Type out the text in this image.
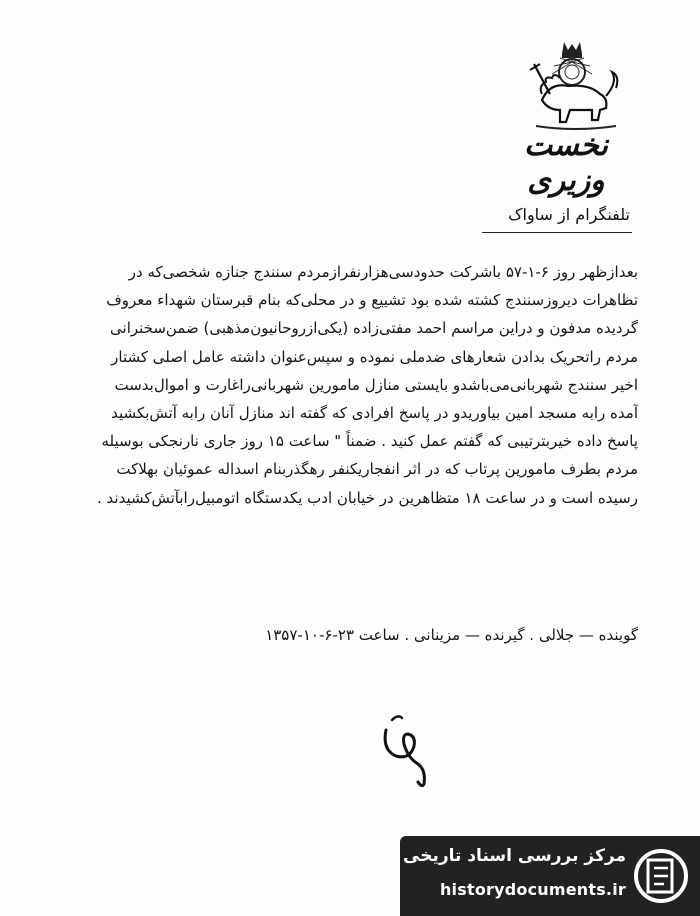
نخست وزیری
تلفنگرام از ساواک
بعدازظهر روز ۶-۱-۵۷ باشرکت حدودسی‌هزارنفرازمردم سنندج جنازه شخصی‌که در
تظاهرات دیروزسنندج کشته شده بود تشییع و در محلی‌که بنام قبرستان شهداء معروف
گردیده مدفون و دراین مراسم احمد مفتی‌زاده (یکی‌ازروحانیون‌مذهبی) ضمن‌سخنرانی
مردم راتحریک بدادن شعارهای ضدملی نموده و سپس‌عنوان داشته عامل اصلی کشتار
اخیر سنندج شهربانی‌می‌باشدو بایستی منازل مامورین شهربانی‌راغارت و اموال‌بدست
آمده رابه مسجد امین بیاوریدو در پاسخ افرادی که گفته اند منازل آنان رابه آتش‌بکشید
پاسخ داده خیربترتیبی که گفتم عمل کنید . ضمناً " ساعت ۱۵ روز جاری نارنجکی بوسیله
مردم بطرف مامورین پرتاب که در اثر انفجاریکنفر رهگذربنام اسداله عموئیان بهلاکت
رسیده است و در ساعت ۱۸ متظاهرین در خیابان ادب یکدستگاه اتومبیل‌رابآتش‌کشیدند .
گوینده — جلالی . گیرنده — مزینانی . ساعت ۲۳-۶-۱۰-۱۳۵۷
مرکز بررسی اسناد تاریخی
historydocuments.ir
